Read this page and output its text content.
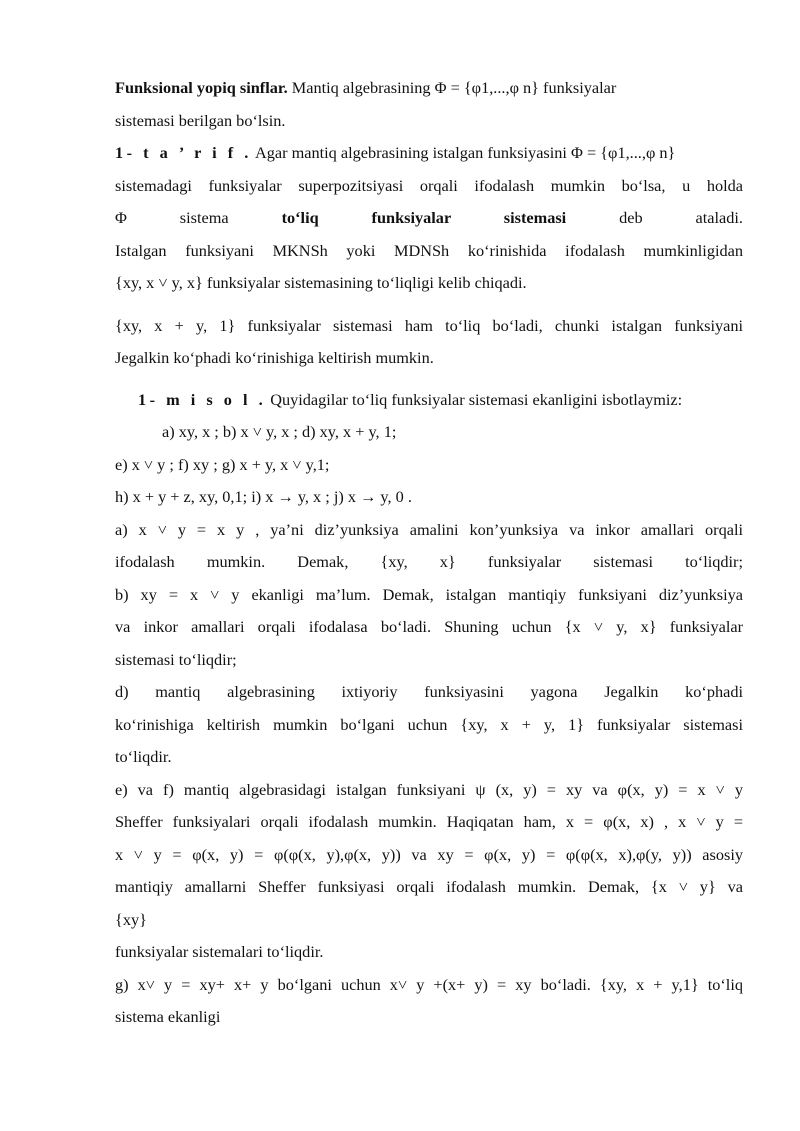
Funksional yopiq sinflar. Mantiq algebrasining Φ = {φ1,...,φ n} funksiyalar

sistemasi berilgan bo‘lsin.

1- t a ’ r i f . Agar mantiq algebrasining istalgan funksiyasini Φ = {φ1,...,φ n}

sistemadagi funksiyalar superpozitsiyasi orqali ifodalash mumkin bo‘lsa, u holda

Φ sistema to‘liq funksiyalar sistemasi deb ataladi.

Istalgan funksiyani MKNSh yoki MDNSh ko‘rinishida ifodalash mumkinligidan

{xy, x ˅ y, x} funksiyalar sistemasining to‘liqligi kelib chiqadi.

{xy, x + y, 1} funksiyalar sistemasi ham to‘liq bo‘ladi, chunki istalgan funksiyani

Jegalkin ko‘phadi ko‘rinishiga keltirish mumkin.

1- m i s o l . Quyidagilar to‘liq funksiyalar sistemasi ekanligini isbotlaymiz:

a) xy, x ; b) x ˅ y, x ; d) xy, x + y, 1;

e) x ˅ y ; f) xy ; g) x + y, x ˅ y,1;

h) x + y + z, xy, 0,1; i) x → y, x ; j) x → y, 0 .

a) x ˅ y = x y , ya’ni diz’yunksiya amalini kon’yunksiya va inkor amallari orqali

ifodalash mumkin. Demak, {xy, x} funksiyalar sistemasi to‘liqdir;

b) xy = x ˅ y ekanligi ma’lum. Demak, istalgan mantiqiy funksiyani diz’yunksiya

va inkor amallari orqali ifodalasa bo‘ladi. Shuning uchun {x ˅ y, x} funksiyalar

sistemasi to‘liqdir;

d) mantiq algebrasining ixtiyoriy funksiyasini yagona Jegalkin ko‘phadi

ko‘rinishiga keltirish mumkin bo‘lgani uchun {xy, x + y, 1} funksiyalar sistemasi

to‘liqdir.

e) va f) mantiq algebrasidagi istalgan funksiyani ψ (x, y) = xy va φ(x, y) = x ˅ y

Sheffer funksiyalari orqali ifodalash mumkin. Haqiqatan ham, x = φ(x, x) , x ˅ y =

x ˅ y = φ(x, y) = φ(φ(x, y),φ(x, y)) va xy = φ(x, y) = φ(φ(x, x),φ(y, y)) asosiy

mantiqiy amallarni Sheffer funksiyasi orqali ifodalash mumkin. Demak, {x ˅ y} va

{xy}

funksiyalar sistemalari to‘liqdir.

g) x˅ y = xy+ x+ y bo‘lgani uchun x˅ y +(x+ y) = xy bo‘ladi. {xy, x + y,1} to‘liq

sistema ekanligi
